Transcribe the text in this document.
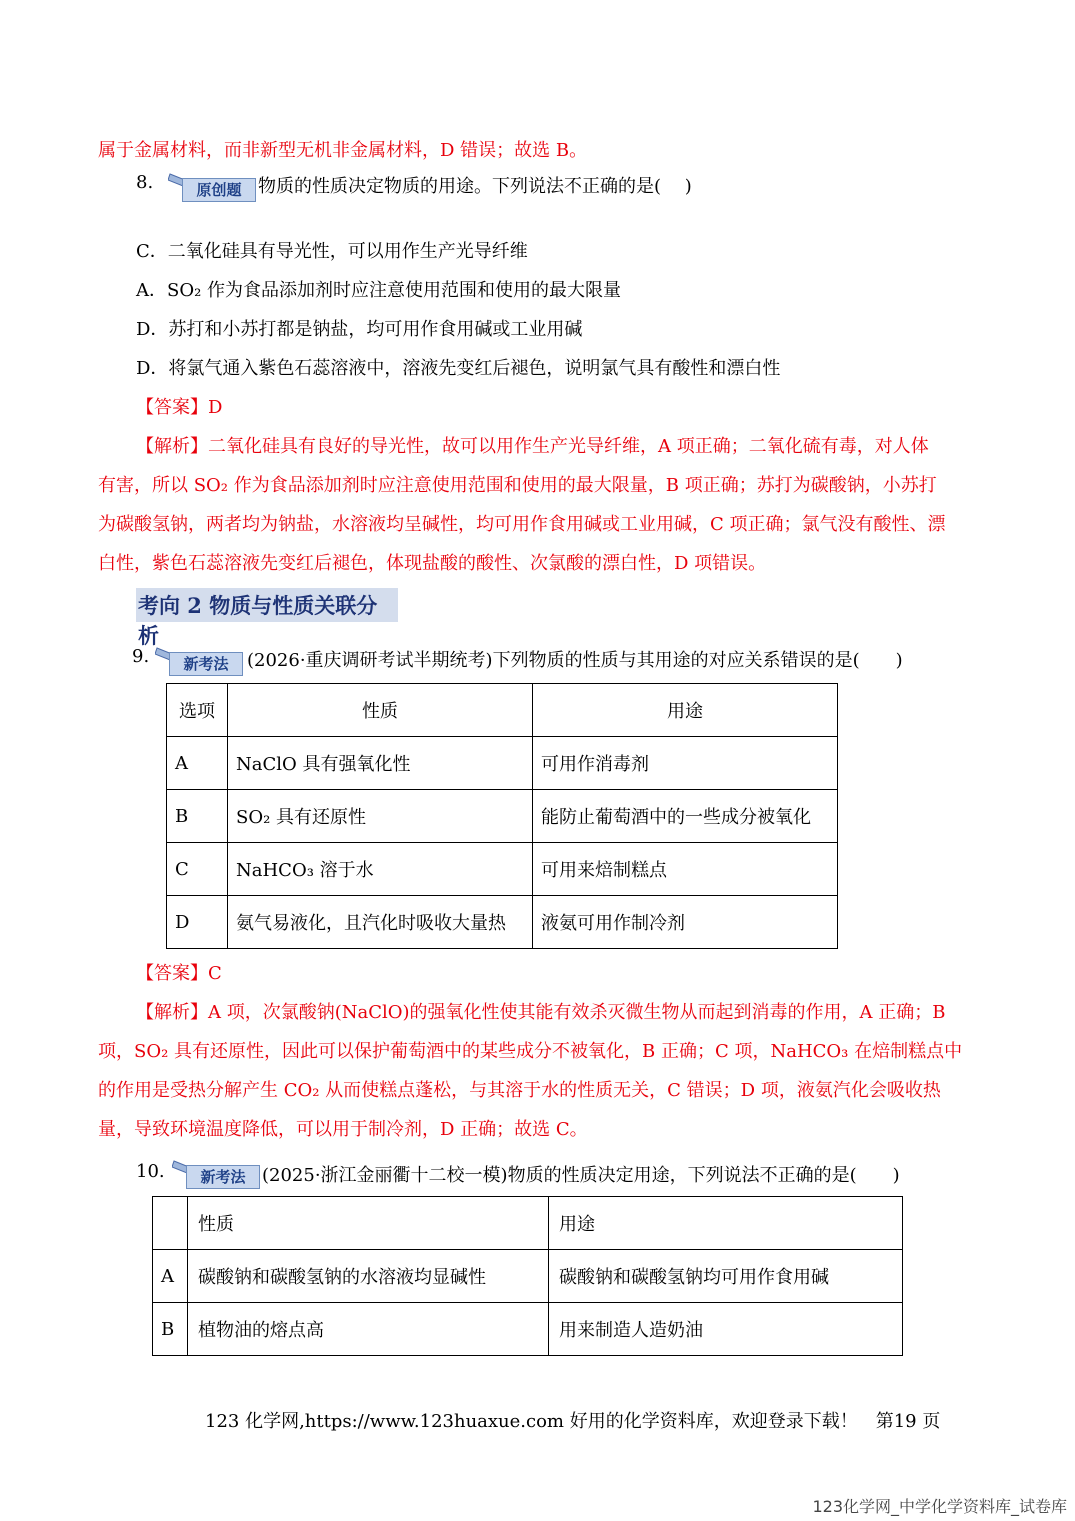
属于金属材料，而非新型无机非金属材料，D 错误；故选 B。
8.	原创题 物质的性质决定物质的用途。下列说法不正确的是(　 )
C．二氧化硅具有导光性，可以用作生产光导纤维
A．SO₂ 作为食品添加剂时应注意使用范围和使用的最大限量
D．苏打和小苏打都是钠盐，均可用作食用碱或工业用碱
D．将氯气通入紫色石蕊溶液中，溶液先变红后褪色，说明氯气具有酸性和漂白性
【答案】D
【解析】二氧化硅具有良好的导光性，故可以用作生产光导纤维，A 项正确；二氧化硫有毒，对人体
有害，所以 SO₂ 作为食品添加剂时应注意使用范围和使用的最大限量，B 项正确；苏打为碳酸钠，小苏打
为碳酸氢钠，两者均为钠盐，水溶液均呈碱性，均可用作食用碱或工业用碱，C 项正确；氯气没有酸性、漂
白性，紫色石蕊溶液先变红后褪色，体现盐酸的酸性、次氯酸的漂白性，D 项错误。
考向 2 物质与性质关联分析
9.	新考法	(2026·重庆调研考试半期统考)下列物质的性质与其用途的对应关系错误的是(　　)
选项	性质	用途
A	NaClO 具有强氧化性	可用作消毒剂
B	SO₂ 具有还原性	能防止葡萄酒中的一些成分被氧化
C	NaHCO₃ 溶于水	可用来焙制糕点
D	氨气易液化，且汽化时吸收大量热	液氨可用作制冷剂
【答案】C
【解析】A 项，次氯酸钠(NaClO)的强氧化性使其能有效杀灭微生物从而起到消毒的作用，A 正确；B
项，SO₂ 具有还原性，因此可以保护葡萄酒中的某些成分不被氧化，B 正确；C 项，NaHCO₃ 在焙制糕点中
的作用是受热分解产生 CO₂ 从而使糕点蓬松，与其溶于水的性质无关，C 错误；D 项，液氨汽化会吸收热
量，导致环境温度降低，可以用于制冷剂，D 正确；故选 C。
10.	新考法 (2025·浙江金丽衢十二校一模)物质的性质决定用途，下列说法不正确的是(　　)
	性质	用途
A	碳酸钠和碳酸氢钠的水溶液均显碱性	碳酸钠和碳酸氢钠均可用作食用碱
B	植物油的熔点高	用来制造人造奶油
123 化学网,https://www.123huaxue.com 好用的化学资料库，欢迎登录下载！　第19 页
123化学网_中学化学资料库_试卷库
